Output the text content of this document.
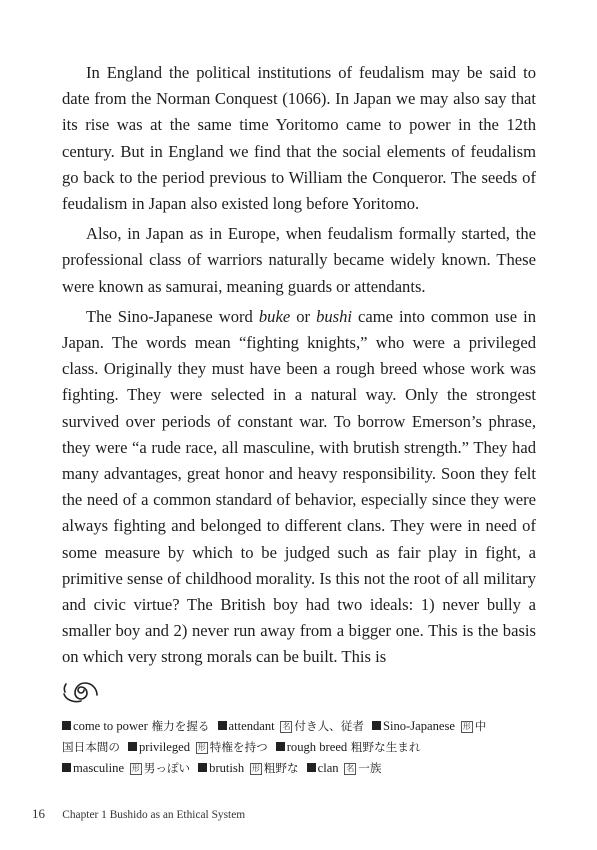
In England the political institutions of feudalism may be said to date from the Norman Conquest (1066). In Japan we may also say that its rise was at the same time Yoritomo came to power in the 12th century. But in England we find that the social elements of feudalism go back to the period previous to William the Conqueror. The seeds of feudalism in Japan also existed long before Yoritomo.

Also, in Japan as in Europe, when feudalism formally started, the professional class of warriors naturally became widely known. These were known as samurai, meaning guards or attendants.

The Sino-Japanese word buke or bushi came into common use in Japan. The words mean “fighting knights,” who were a privileged class. Originally they must have been a rough breed whose work was fighting. They were selected in a natural way. Only the strongest survived over periods of constant war. To borrow Emerson’s phrase, they were “a rude race, all masculine, with brutish strength.” They had many advantages, great honor and heavy responsibility. Soon they felt the need of a common standard of behavior, especially since they were always fighting and belonged to different clans. They were in need of some measure by which to be judged such as fair play in fight, a primitive sense of childhood morality. Is this not the root of all military and civic virtue? The British boy had two ideals: 1) never bully a smaller boy and 2) never run away from a bigger one. This is the basis on which very strong morals can be built. This is

come to power 権力を握る attendant 名 付き人、従者 Sino-Japanese 形 中
国日本間の privileged 形 特権を持つ rough breed 粗野な生まれ
masculine 形 男っぽい brutish 形 粗野な clan 名 一族
16 Chapter 1 Bushido as an Ethical System
